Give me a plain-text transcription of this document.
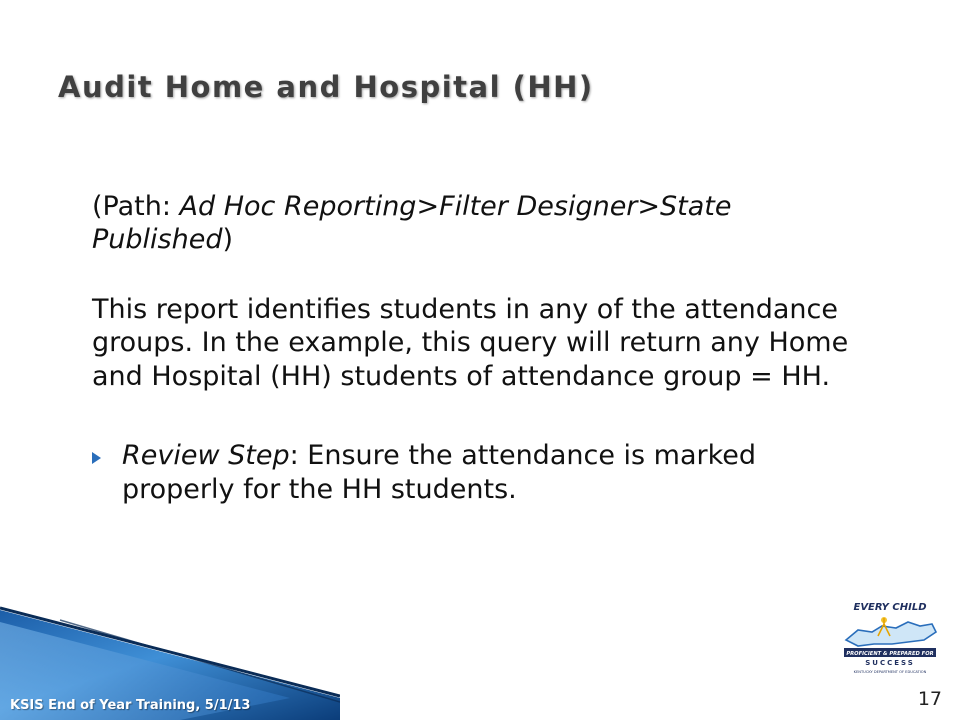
Audit Home and Hospital (HH)

(Path: Ad Hoc Reporting>Filter Designer>State Published)

This report identifies students in any of the attendance groups. In the example, this query will return any Home and Hospital (HH) students of attendance group = HH.

Review Step: Ensure the attendance is marked properly for the HH students.
KSIS End of Year Training, 5/1/13	17
EVERY CHILD
PROFICIENT & PREPARED FOR
SUCCESS
KENTUCKY DEPARTMENT OF EDUCATION
